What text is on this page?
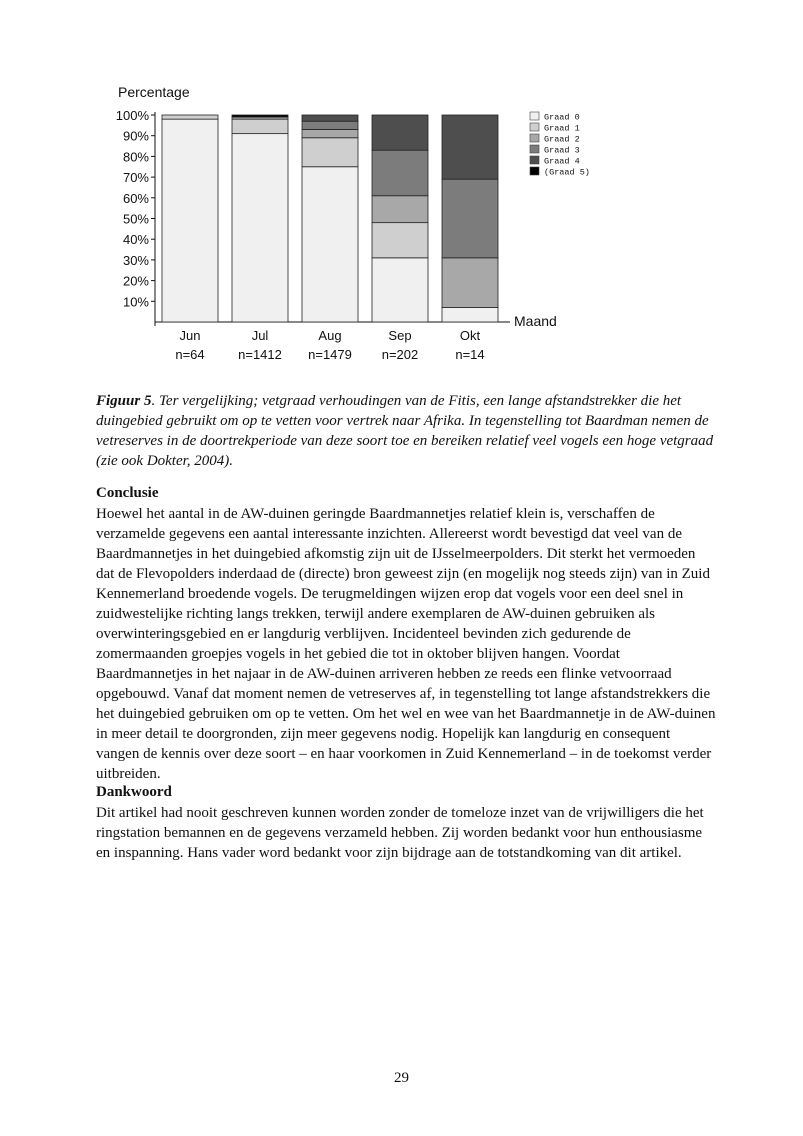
Percentage
100%
90%
80%
70%
60%
50%
40%
30%
20%
10%
Jun	Jul	Aug	Sep	Okt
n=64	n=1412 n=1479 n=202	n=14
Maand
Graad 0
Graad 1
Graad 2
Graad 3
Graad 4
(Graad 5)
Figuur 5. Ter vergelijking; vetgraad verhoudingen van de Fitis, een lange afstandstrekker die het duingebied gebruikt om op te vetten voor vertrek naar Afrika. In tegenstelling tot Baardman nemen de vetreserves in de doortrekperiode van deze soort toe en bereiken relatief veel vogels een hoge vetgraad (zie ook Dokter, 2004).
Conclusie
Hoewel het aantal in de AW-duinen geringde Baardmannetjes relatief klein is, verschaffen de verzamelde gegevens een aantal interessante inzichten. Allereerst wordt bevestigd dat veel van de Baardmannetjes in het duingebied afkomstig zijn uit de IJsselmeerpolders. Dit sterkt het vermoeden dat de Flevopolders inderdaad de (directe) bron geweest zijn (en mogelijk nog steeds zijn) van in Zuid Kennemerland broedende vogels. De terugmeldingen wijzen erop dat vogels voor een deel snel in zuidwestelijke richting langs trekken, terwijl andere exemplaren de AW-duinen gebruiken als overwinteringsgebied en er langdurig verblijven. Incidenteel bevinden zich gedurende de zomermaanden groepjes vogels in het gebied die tot in oktober blijven hangen. Voordat Baardmannetjes in het najaar in de AW-duinen arriveren hebben ze reeds een flinke vetvoorraad opgebouwd. Vanaf dat moment nemen de vetreserves af, in tegenstelling tot lange afstandstrekkers die het duingebied gebruiken om op te vetten. Om het wel en wee van het Baardmannetje in de AW-duinen in meer detail te doorgronden, zijn meer gegevens nodig. Hopelijk kan langdurig en consequent vangen de kennis over deze soort – en haar voorkomen in Zuid Kennemerland – in de toekomst verder uitbreiden.
Dankwoord
Dit artikel had nooit geschreven kunnen worden zonder de tomeloze inzet van de vrijwilligers die het ringstation bemannen en de gegevens verzameld hebben. Zij worden bedankt voor hun enthousiasme en inspanning. Hans vader word bedankt voor zijn bijdrage aan de totstandkoming van dit artikel.
29
